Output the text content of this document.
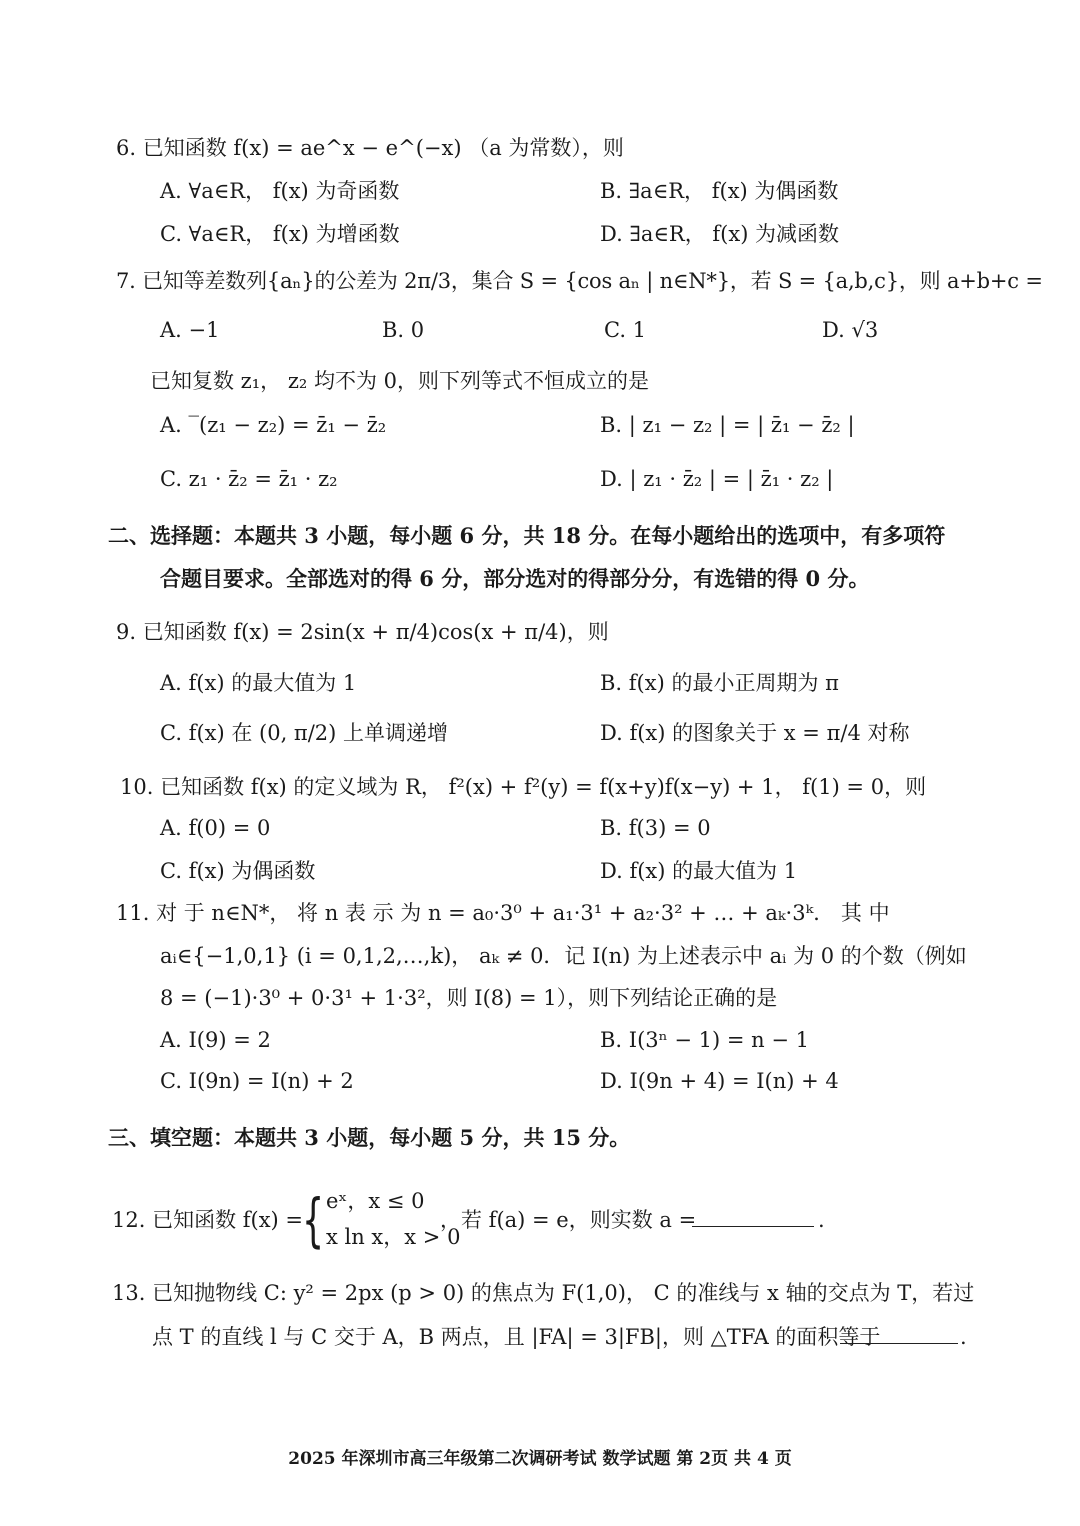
6. 已知函数 f(x) = ae^x − e^(−x) （a 为常数），则
A. ∀a∈R， f(x) 为奇函数	B. ∃a∈R， f(x) 为偶函数
C. ∀a∈R， f(x) 为增函数	D. ∃a∈R， f(x) 为减函数
7. 已知等差数列{aₙ}的公差为 2π/3，集合 S = {cos aₙ | n∈N*}，若 S = {a,b,c}，则 a+b+c =
A. −1	B. 0	C. 1	D. √3
已知复数 z₁， z₂ 均不为 0，则下列等式不恒成立的是
A. ‾(z₁ − z₂) = z̄₁ − z̄₂	B. | z₁ − z₂ | = | z̄₁ − z̄₂ |
C. z₁ · z̄₂ = z̄₁ · z₂	D. | z₁ · z̄₂ | = | z̄₁ · z₂ |
二、选择题：本题共 3 小题，每小题 6 分，共 18 分。在每小题给出的选项中，有多项符
合题目要求。全部选对的得 6 分，部分选对的得部分分，有选错的得 0 分。
9. 已知函数 f(x) = 2sin(x + π/4)cos(x + π/4)，则
A. f(x) 的最大值为 1	B. f(x) 的最小正周期为 π
C. f(x) 在 (0, π/2) 上单调递增	D. f(x) 的图象关于 x = π/4 对称
10. 已知函数 f(x) 的定义域为 R， f²(x) + f²(y) = f(x+y)f(x−y) + 1， f(1) = 0，则
A. f(0) = 0	B. f(3) = 0
C. f(x) 为偶函数	D. f(x) 的最大值为 1
11. 对 于 n∈N*， 将 n 表 示 为 n = a₀·3⁰ + a₁·3¹ + a₂·3² + … + aₖ·3ᵏ． 其 中
aᵢ∈{−1,0,1} (i = 0,1,2,…,k)， aₖ ≠ 0．记 I(n) 为上述表示中 aᵢ 为 0 的个数（例如
8 = (−1)·3⁰ + 0·3¹ + 1·3²，则 I(8) = 1），则下列结论正确的是
A. I(9) = 2	B. I(3ⁿ − 1) = n − 1
C. I(9n) = I(n) + 2	D. I(9n + 4) = I(n) + 4
三、填空题：本题共 3 小题，每小题 5 分，共 15 分。
12. 已知函数 f(x) =
{ eˣ，x ≤ 0
x ln x，x > 0
，若 f(a) = e，则实数 a =	.
13. 已知抛物线 C: y² = 2px (p > 0) 的焦点为 F(1,0)， C 的准线与 x 轴的交点为 T，若过
点 T 的直线 l 与 C 交于 A，B 两点，且 |FA| = 3|FB|，则 △TFA 的面积等于	.
2025 年深圳市高三年级第二次调研考试 数学试题 第 2页 共 4 页
